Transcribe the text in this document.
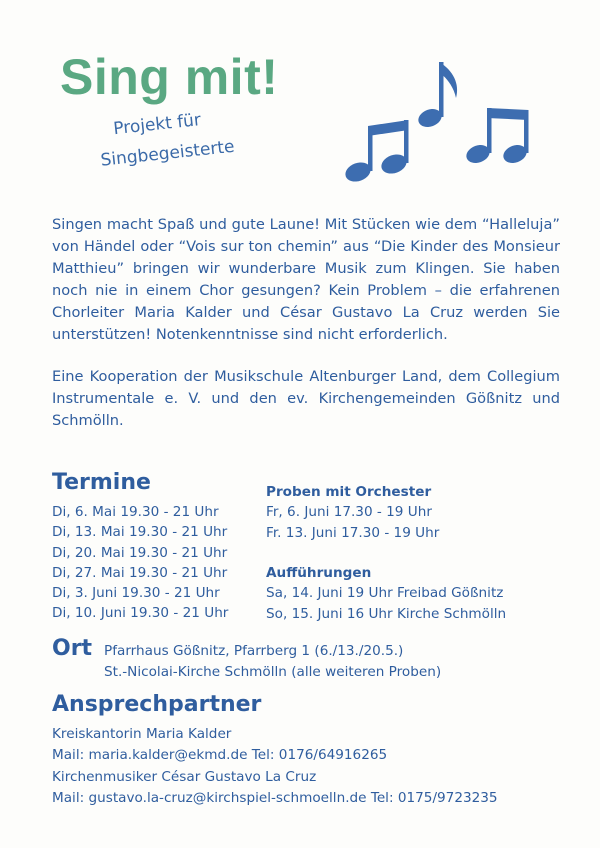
Sing mit!
Projekt für
Singbegeisterte

Singen macht Spaß und gute Laune! Mit Stücken wie dem “Halleluja” von Händel oder “Vois sur ton chemin” aus “Die Kinder des Monsieur Matthieu” bringen wir wunderbare Musik zum Klingen. Sie haben noch nie in einem Chor gesungen? Kein Problem – die erfahrenen Chorleiter Maria Kalder und César Gustavo La Cruz werden Sie unterstützen! Notenkenntnisse sind nicht erforderlich.

Eine Kooperation der Musikschule Altenburger Land, dem Collegium Instrumentale e. V. und den ev. Kirchengemeinden Gößnitz und Schmölln.

Termine
Di, 6. Mai 19.30 - 21 Uhr
Di, 13. Mai 19.30 - 21 Uhr
Di, 20. Mai 19.30 - 21 Uhr
Di, 27. Mai 19.30 - 21 Uhr
Di, 3. Juni 19.30 - 21 Uhr
Di, 10. Juni 19.30 - 21 Uhr
Proben mit Orchester
Fr, 6. Juni 17.30 - 19 Uhr
Fr. 13. Juni 17.30 - 19 Uhr
Aufführungen
Sa, 14. Juni 19 Uhr Freibad Gößnitz
So, 15. Juni 16 Uhr Kirche Schmölln
Ort Pfarrhaus Gößnitz, Pfarrberg 1 (6./13./20.5.)
St.-Nicolai-Kirche Schmölln (alle weiteren Proben)
Ansprechpartner
Kreiskantorin Maria Kalder
Mail: maria.kalder@ekmd.de Tel: 0176/64916265
Kirchenmusiker César Gustavo La Cruz
Mail: gustavo.la-cruz@kirchspiel-schmoelln.de Tel: 0175/9723235
